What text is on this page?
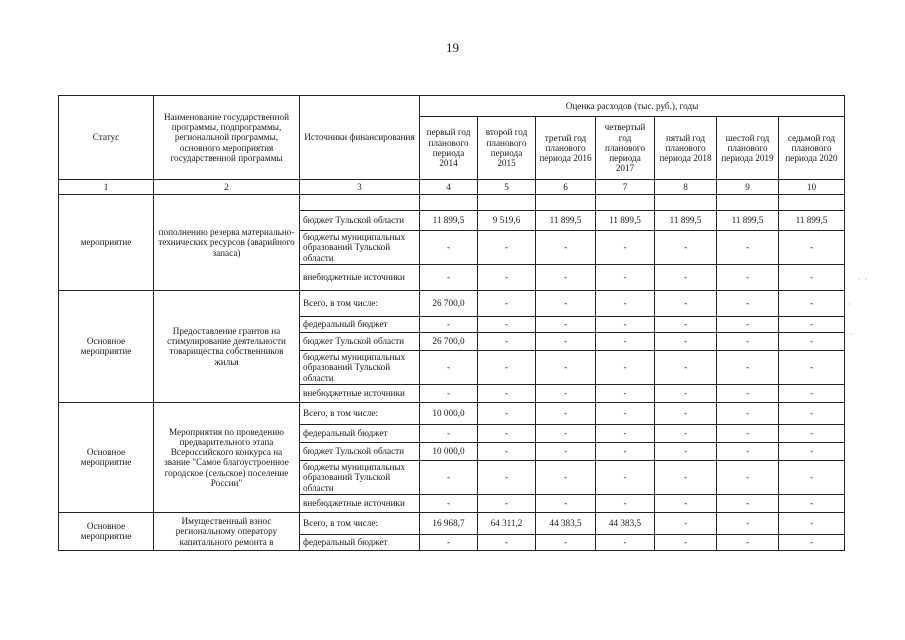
19
· ·
·
·
Статус	Наименование государственной программы, подпрограммы, региональной программы, основного мероприятия государственной программы	Источники финансирования	Оценка расходов (тыс. руб.), годы						
			первый год планового периода 2014	второй год планового периода 2015	третий год планового периода 2016	четвертый год планового периода 2017	пятый год планового периода 2018	шестой год планового периода 2019	седьмой год планового периода 2020
1	2	3	4	5	6	7	8	9	10
мероприятие	пополнению резерва материально-технических ресурсов (аварийного запаса)								
		бюджет Тульской области	11 899,5	9 519,6	11 899,5	11 899,5	11 899,5	11 899,5	11 899,5
		бюджеты муниципальных образований Тульской области	-	-	-	-	-	-	-
		внебюджетные источники	-	-	-	-	-	-	-
Основное мероприятие	Предоставление грантов на стимулирование деятельности товарищества собственников жилья	Всего, в том числе:	26 700,0	-	-	-	-	-	-
		федеральный бюджет	-	-	-	-	-	-	-
		бюджет Тульской области	26 700,0	-	-	-	-	-	-
		бюджеты муниципальных образований Тульской области	-	-	-	-	-	-	-
		внебюджетные источники	-	-	-	-	-	-	-
Основное мероприятие	Мероприятия по проведению предварительного этапа Всероссийского конкурса на звание "Самое благоустроенное городское (сельское) поселение России"	Всего, в том числе:	10 000,0	-	-	-	-	-	-
		федеральный бюджет	-	-	-	-	-	-	-
		бюджет Тульской области	10 000,0	-	-	-	-	-	-
		бюджеты муниципальных образований Тульской области	-	-	-	-	-	-	-
		внебюджетные источники	-	-	-	-	-	-	-
Основное мероприятие	Имущественный взнос региональному оператору капитального ремонта в	Всего, в том числе:	16 968,7	64 311,2	44 383,5	44 383,5	-	-	-
		федеральный бюджет	-	-	-	-	-	-	-
